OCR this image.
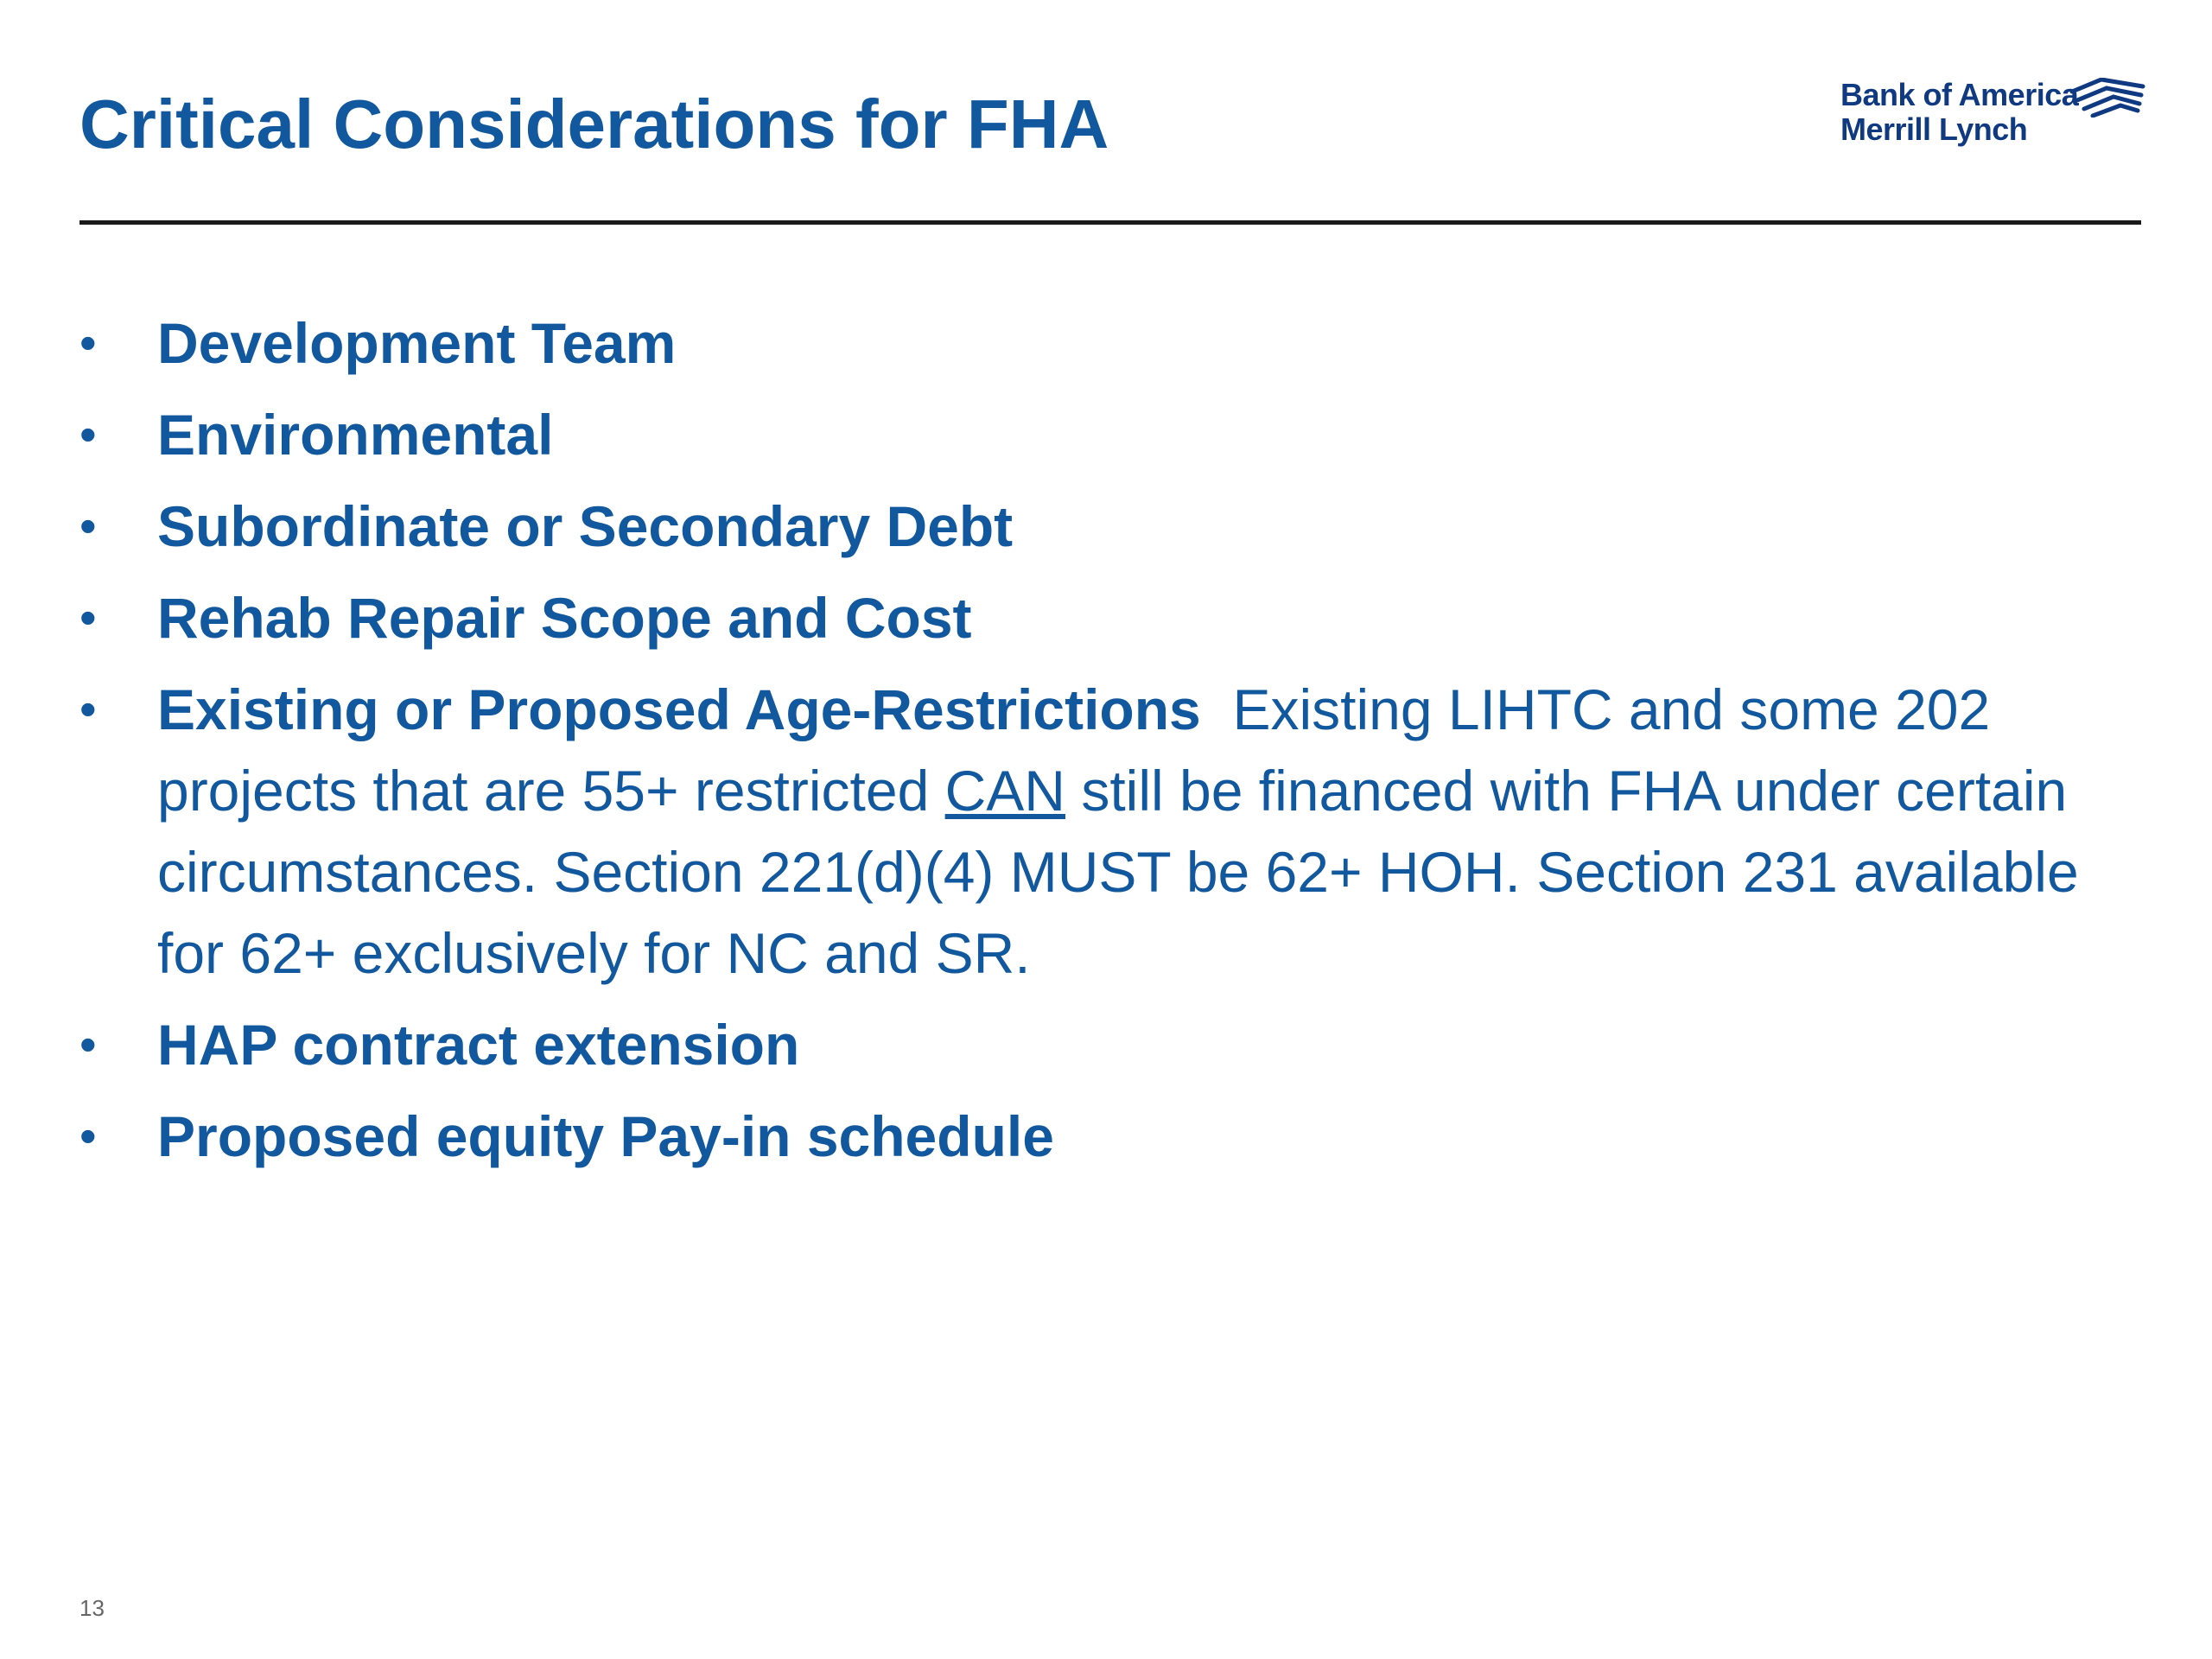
Critical Considerations for FHA	Bank of America
Merrill Lynch
•	Development Team
•	Environmental
•	Subordinate or Secondary Debt
•	Rehab Repair Scope and Cost
•	Existing or Proposed Age-Restrictions Existing LIHTC and some 202 projects that are 55+ restricted CAN still be financed with FHA under certain circumstances. Section 221(d)(4) MUST be 62+ HOH. Section 231 available for 62+ exclusively for NC and SR.
•	HAP contract extension
•	Proposed equity Pay-in schedule
13
